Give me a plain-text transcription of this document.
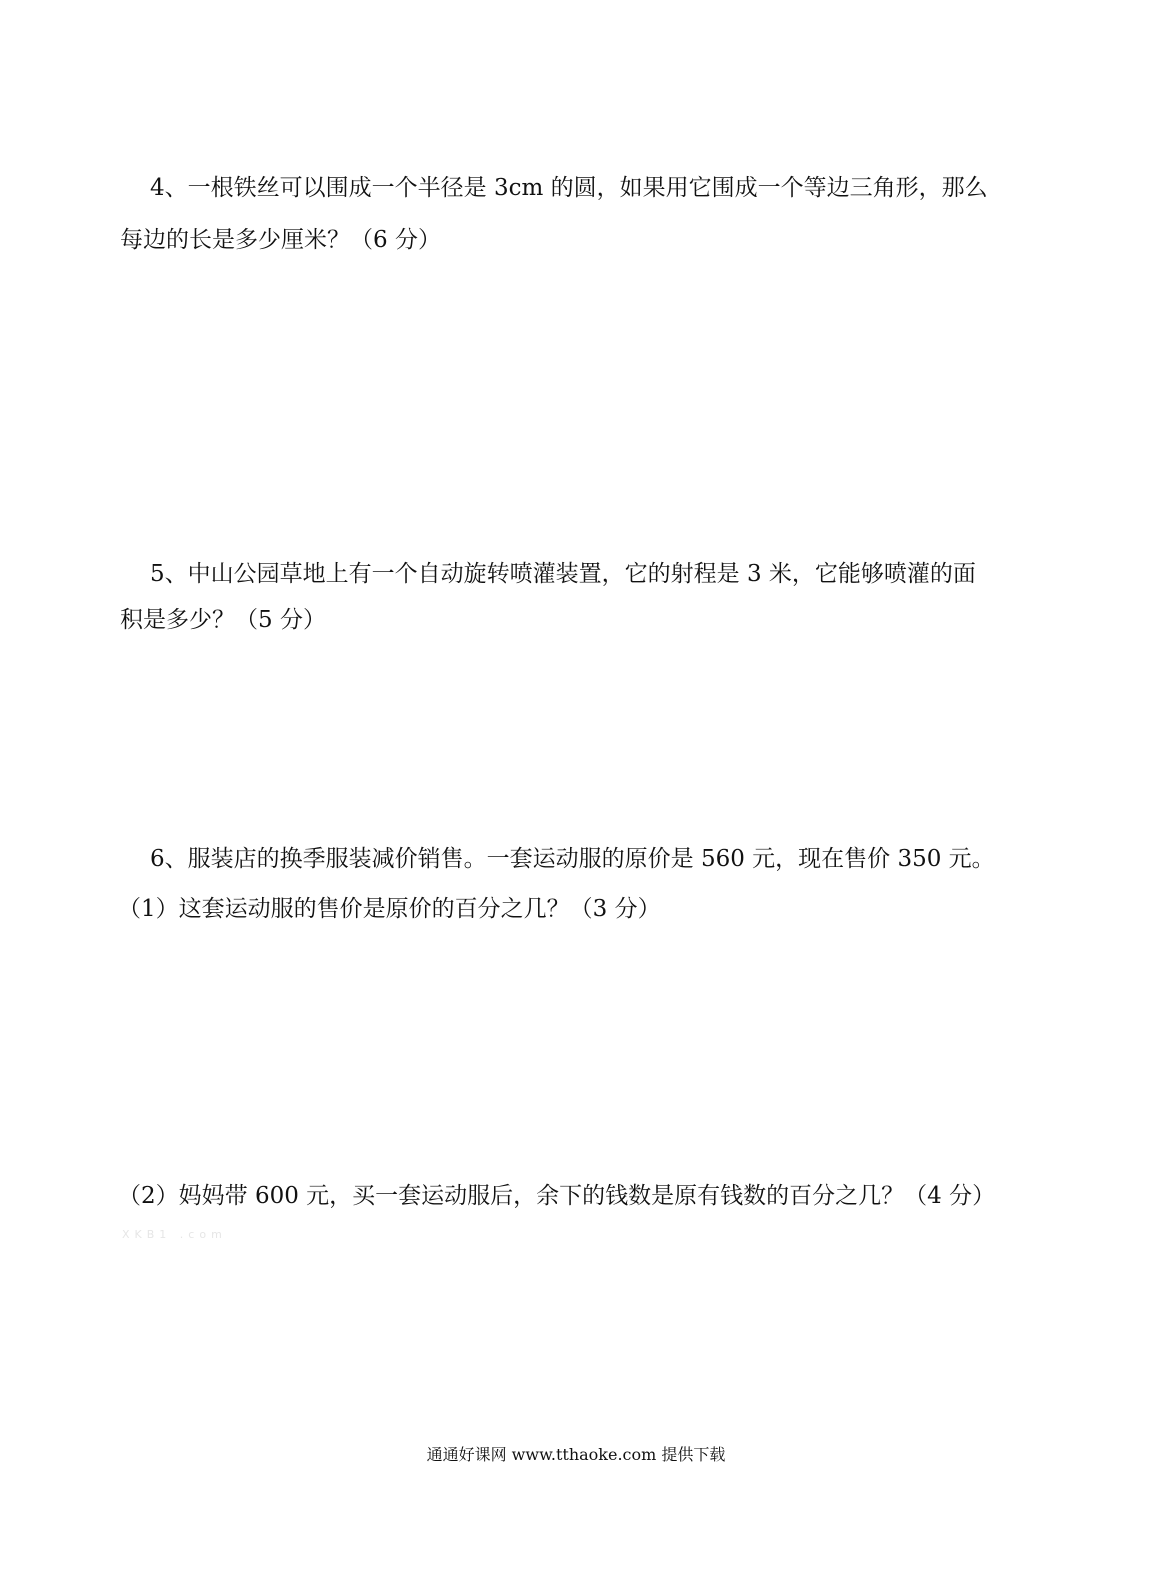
4、一根铁丝可以围成一个半径是 3cm 的圆，如果用它围成一个等边三角形，那么
每边的长是多少厘米？（6 分）
5、中山公园草地上有一个自动旋转喷灌装置，它的射程是 3 米，它能够喷灌的面
积是多少？（5 分）
6、服装店的换季服装减价销售。一套运动服的原价是 560 元，现在售价 350 元。
（1）这套运动服的售价是原价的百分之几？（3 分）
（2）妈妈带 600 元，买一套运动服后，余下的钱数是原有钱数的百分之几？（4 分）
XKB1 .com
通通好课网 www.tthaoke.com 提供下载
